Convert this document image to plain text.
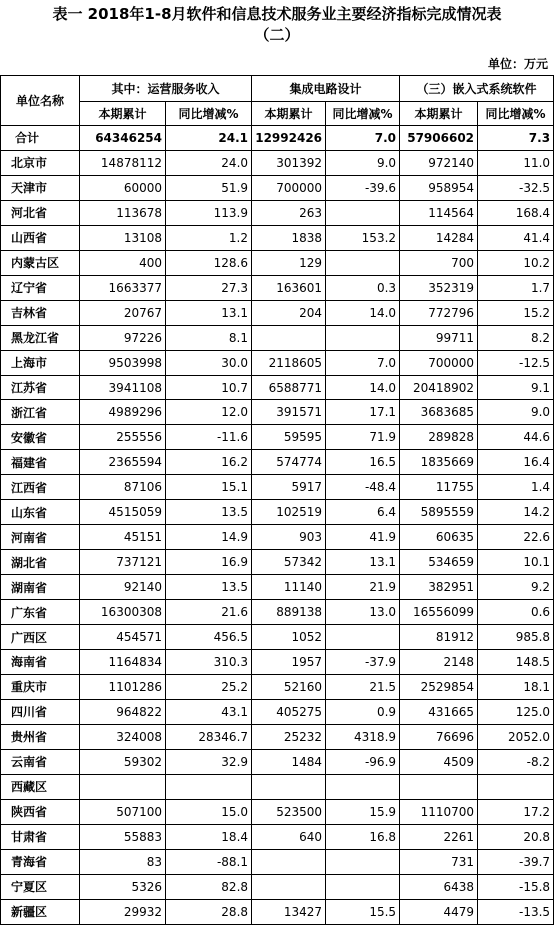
表一 2018年1-8月软件和信息技术服务业主要经济指标完成情况表
（二）
单位：万元
单位名称	其中：运营服务收入		集成电路设计		（三）嵌入式系统软件	
	本期累计	同比增减%	本期累计	同比增减%	本期累计	同比增减%
合计	64346254	24.1	12992426	7.0	57906602	7.3
北京市	14878112	24.0	301392	9.0	972140	11.0
天津市	60000	51.9	700000	-39.6	958954	-32.5
河北省	113678	113.9	263		114564	168.4
山西省	13108	1.2	1838	153.2	14284	41.4
内蒙古区	400	128.6	129		700	10.2
辽宁省	1663377	27.3	163601	0.3	352319	1.7
吉林省	20767	13.1	204	14.0	772796	15.2
黑龙江省	97226	8.1			99711	8.2
上海市	9503998	30.0	2118605	7.0	700000	-12.5
江苏省	3941108	10.7	6588771	14.0	20418902	9.1
浙江省	4989296	12.0	391571	17.1	3683685	9.0
安徽省	255556	-11.6	59595	71.9	289828	44.6
福建省	2365594	16.2	574774	16.5	1835669	16.4
江西省	87106	15.1	5917	-48.4	11755	1.4
山东省	4515059	13.5	102519	6.4	5895559	14.2
河南省	45151	14.9	903	41.9	60635	22.6
湖北省	737121	16.9	57342	13.1	534659	10.1
湖南省	92140	13.5	11140	21.9	382951	9.2
广东省	16300308	21.6	889138	13.0	16556099	0.6
广西区	454571	456.5	1052		81912	985.8
海南省	1164834	310.3	1957	-37.9	2148	148.5
重庆市	1101286	25.2	52160	21.5	2529854	18.1
四川省	964822	43.1	405275	0.9	431665	125.0
贵州省	324008	28346.7	25232	4318.9	76696	2052.0
云南省	59302	32.9	1484	-96.9	4509	-8.2
西藏区						
陕西省	507100	15.0	523500	15.9	1110700	17.2
甘肃省	55883	18.4	640	16.8	2261	20.8
青海省	83	-88.1			731	-39.7
宁夏区	5326	82.8			6438	-15.8
新疆区	29932	28.8	13427	15.5	4479	-13.5
